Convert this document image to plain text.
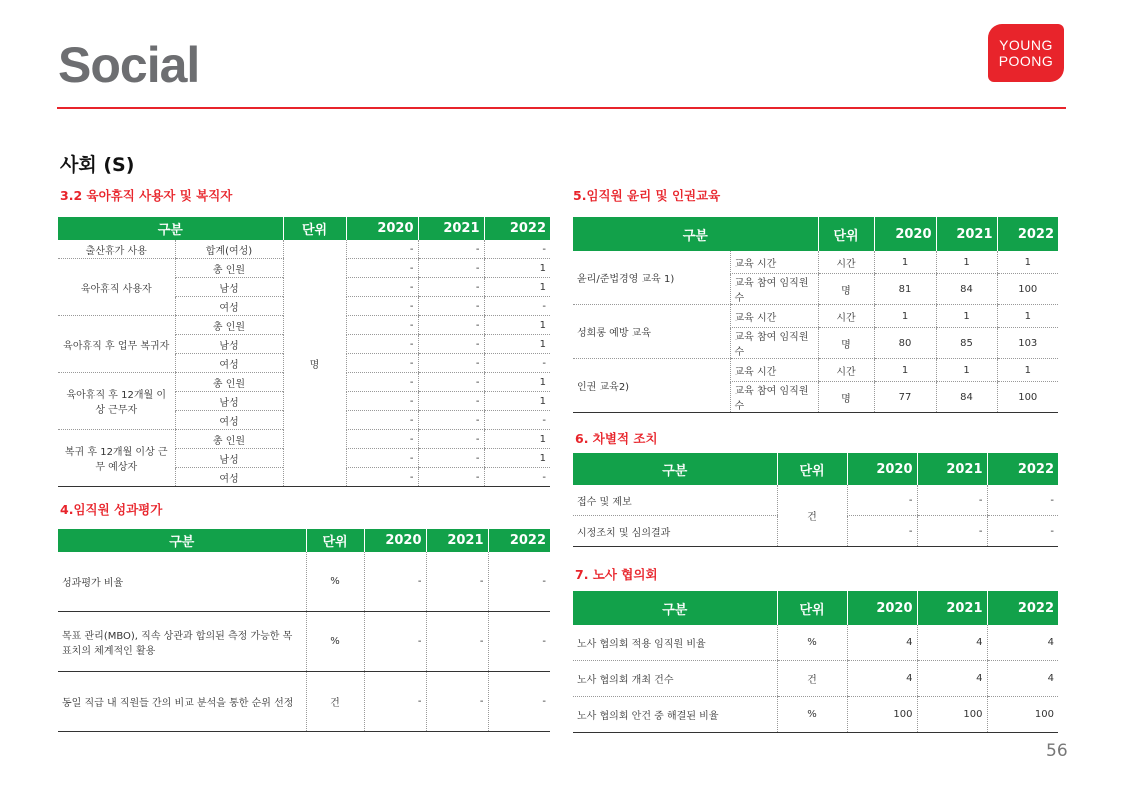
Social	YOUNG
POONG
사회 (S)
3.2 육아휴직 사용자 및 복직자
구분		단위	2020	2021	2022
출산휴가 사용	합계(여성)	명	-	-	-
육아휴직 사용자	총 인원		-	-	1
	남성		-	-	1
	여성		-	-	-
육아휴직 후 업무 복귀자	총 인원		-	-	1
	남성		-	-	1
	여성		-	-	-
육아휴직 후 12개월 이상 근무자	총 인원		-	-	1
	남성		-	-	1
	여성		-	-	-
복귀 후 12개월 이상 근무 예상자	총 인원		-	-	1
	남성		-	-	1
	여성		-	-	-
4.임직원 성과평가
구분	단위	2020	2021	2022
성과평가 비율	%	-	-	-
목표 관리(MBO), 직속 상관과 합의된 측정 가능한 목표치의 체계적인 활용	%	-	-	-
동일 직급 내 직원들 간의 비교 분석을 통한 순위 선정	건	-	-	-
5.임직원 윤리 및 인권교육
구분		단위	2020	2021	2022
윤리/준법경영 교육 1)	교육 시간	시간	1	1	1
	교육 참여 임직원 수	명	81	84	100
성희롱 예방 교육	교육 시간	시간	1	1	1
	교육 참여 임직원 수	명	80	85	103
인권 교육2)	교육 시간	시간	1	1	1
	교육 참여 임직원 수	명	77	84	100
6. 차별적 조치
구분	단위	2020	2021	2022
접수 및 제보	건	-	-	-
시정조치 및 심의결과		-	-	-
7. 노사 협의회
구분	단위	2020	2021	2022
노사 협의회 적용 임직원 비율	%	4	4	4
노사 협의회 개최 건수	건	4	4	4
노사 협의회 안건 중 해결된 비율	%	100	100	100
56
